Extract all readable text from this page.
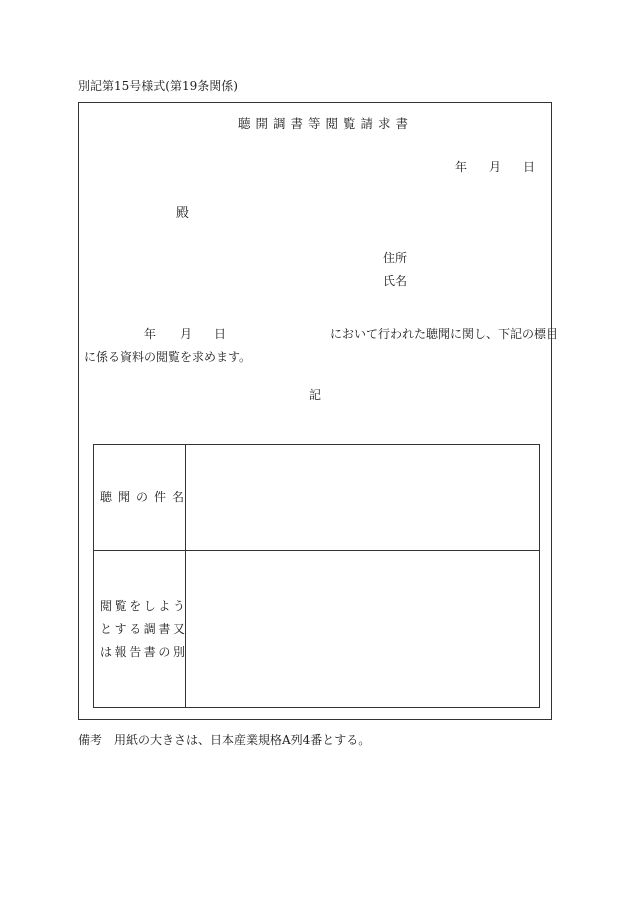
別記第15号様式(第19条関係)
聴開調書等閲覧請求書
年 月 日
殿
住所
氏名
年 月 日	において行われた聴聞に関し、下記の標目
に係る資料の閲覧を求めます。
記
聴聞の件名
閲覧をしよう
とする調書又
は報告書の別
備考　用紙の大きさは、日本産業規格A列4番とする。
